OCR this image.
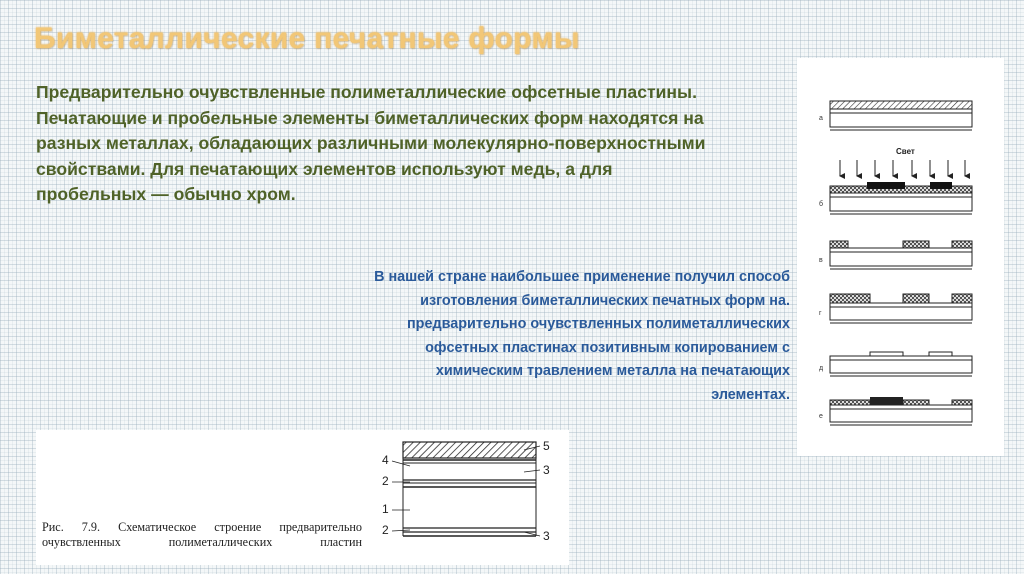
Биметаллические печатные формы

Предварительно очувствленные полиметаллические офсетные пластины. Печатающие и пробельные элементы биметаллических форм находятся на разных металлах, обладающих различными молекулярно-поверхностными свойствами. Для печатающих элементов используют медь, а для пробельных — обычно хром.

В нашей стране наибольшее применение получил способ изготовления биметаллических печатных форм на. предварительно очувствленных полиметаллических офсетных пластинах позитивным копированием с химическим травлением металла на печатающих элементах.

а
Свет
б
в
г
д
е
5
4
3
2
1
2	3
Рис. 7.9. Схематическое строение предварительно
очувствленных полиметаллических пластин
